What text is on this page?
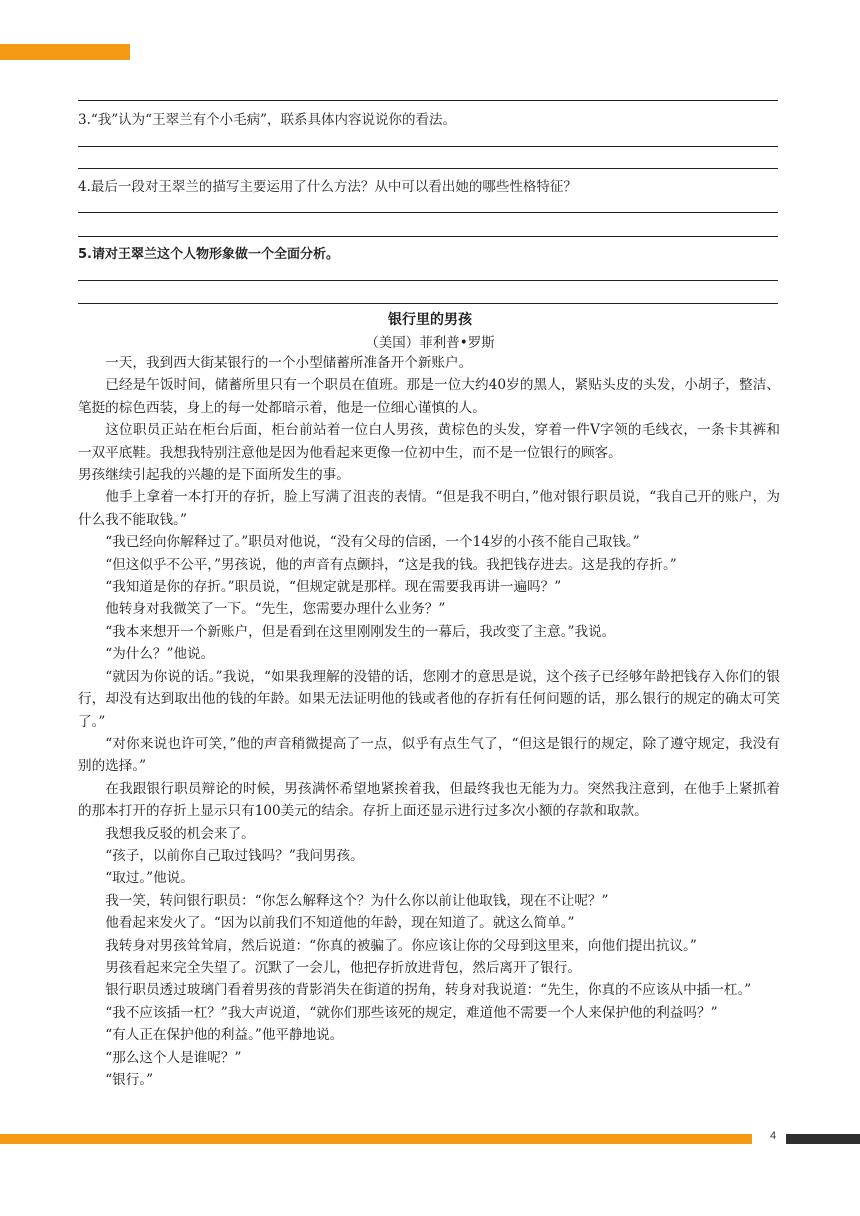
3.“我”认为“王翠兰有个小毛病”，联系具体内容说说你的看法。
4.最后一段对王翠兰的描写主要运用了什么方法？从中可以看出她的哪些性格特征？
5.请对王翠兰这个人物形象做一个全面分析。
银行里的男孩
（美国）菲利普•罗斯

一天，我到西大街某银行的一个小型储蓄所准备开个新账户。

已经是午饭时间，储蓄所里只有一个职员在值班。那是一位大约40岁的黑人，紧贴头皮的头发，小胡子，整洁、笔挺的棕色西装，身上的每一处都暗示着，他是一位细心谨慎的人。

这位职员正站在柜台后面，柜台前站着一位白人男孩，黄棕色的头发，穿着一件V字领的毛线衣，一条卡其裤和一双平底鞋。我想我特别注意他是因为他看起来更像一位初中生，而不是一位银行的顾客。

男孩继续引起我的兴趣的是下面所发生的事。

他手上拿着一本打开的存折，脸上写满了沮丧的表情。“但是我不明白，”他对银行职员说，“我自己开的账户，为什么我不能取钱。”

“我已经向你解释过了。”职员对他说，“没有父母的信函，一个14岁的小孩不能自己取钱。”

“但这似乎不公平，”男孩说，他的声音有点颤抖，“这是我的钱。我把钱存进去。这是我的存折。”

“我知道是你的存折。”职员说，“但规定就是那样。现在需要我再讲一遍吗？”

他转身对我微笑了一下。“先生，您需要办理什么业务？”

“我本来想开一个新账户，但是看到在这里刚刚发生的一幕后，我改变了主意。”我说。

“为什么？”他说。

“就因为你说的话。”我说，“如果我理解的没错的话，您刚才的意思是说，这个孩子已经够年龄把钱存入你们的银行，却没有达到取出他的钱的年龄。如果无法证明他的钱或者他的存折有任何问题的话，那么银行的规定的确太可笑了。”

“对你来说也许可笑，”他的声音稍微提高了一点，似乎有点生气了，“但这是银行的规定，除了遵守规定，我没有别的选择。”

在我跟银行职员辩论的时候，男孩满怀希望地紧挨着我，但最终我也无能为力。突然我注意到，在他手上紧抓着的那本打开的存折上显示只有100美元的结余。存折上面还显示进行过多次小额的存款和取款。

我想我反驳的机会来了。

“孩子，以前你自己取过钱吗？”我问男孩。

“取过。”他说。

我一笑，转问银行职员：“你怎么解释这个？为什么你以前让他取钱，现在不让呢？”

他看起来发火了。“因为以前我们不知道他的年龄，现在知道了。就这么简单。”

我转身对男孩耸耸肩，然后说道：“你真的被骗了。你应该让你的父母到这里来，向他们提出抗议。”

男孩看起来完全失望了。沉默了一会儿，他把存折放进背包，然后离开了银行。

银行职员透过玻璃门看着男孩的背影消失在街道的拐角，转身对我说道：“先生，你真的不应该从中插一杠。”

“我不应该插一杠？”我大声说道，“就你们那些该死的规定，难道他不需要一个人来保护他的利益吗？”

“有人正在保护他的利益。”他平静地说。

“那么这个人是谁呢？”

“银行。”

4
